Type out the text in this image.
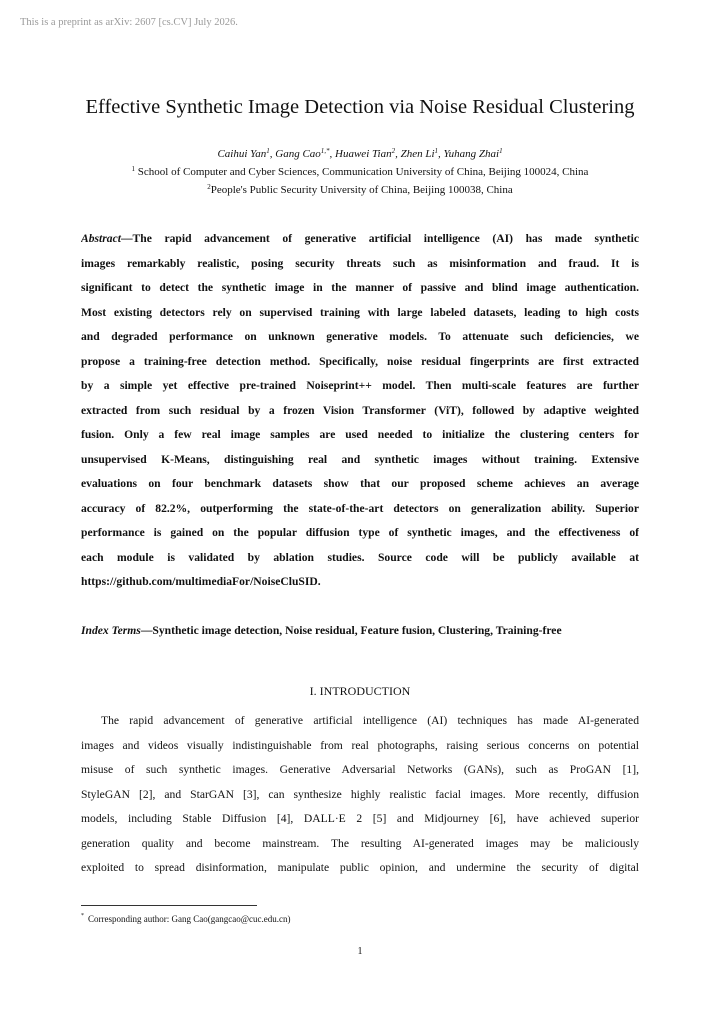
This is a preprint as arXiv: 2607 [cs.CV] July 2026.
Effective Synthetic Image Detection via Noise Residual Clustering
Caihui Yan$^1$, Gang Cao$^{1,*}$, Huawei Tian$^2$, Zhen Li$^1$, Yuhang Zhai$^1$
$^1$ School of Computer and Cyber Sciences, Communication University of China, Beijing 100024, China
$^2$People's Public Security University of China, Beijing 100038, China
Abstract—The rapid advancement of generative artificial intelligence (AI) has made synthetic
images remarkably realistic, posing security threats such as misinformation and fraud. It is
significant to detect the synthetic image in the manner of passive and blind image authentication.
Most existing detectors rely on supervised training with large labeled datasets, leading to high costs
and degraded performance on unknown generative models. To attenuate such deficiencies, we
propose a training-free detection method. Specifically, noise residual fingerprints are first extracted
by a simple yet effective pre-trained Noiseprint++ model. Then multi-scale features are further
extracted from such residual by a frozen Vision Transformer (ViT), followed by adaptive weighted
fusion. Only a few real image samples are used needed to initialize the clustering centers for
unsupervised K-Means, distinguishing real and synthetic images without training. Extensive
evaluations on four benchmark datasets show that our proposed scheme achieves an average
accuracy of 82.2%, outperforming the state-of-the-art detectors on generalization ability. Superior
performance is gained on the popular diffusion type of synthetic images, and the effectiveness of
each module is validated by ablation studies. Source code will be publicly available at
https://github.com/multimediaFor/NoiseCluSID.
Index Terms—Synthetic image detection, Noise residual, Feature fusion, Clustering, Training-free
I. INTRODUCTION
The rapid advancement of generative artificial intelligence (AI) techniques has made AI-generated
images and videos visually indistinguishable from real photographs, raising serious concerns on potential
misuse of such synthetic images. Generative Adversarial Networks (GANs), such as ProGAN [1],
StyleGAN [2], and StarGAN [3], can synthesize highly realistic facial images. More recently, diffusion
models, including Stable Diffusion [4], DALL·E 2 [5] and Midjourney [6], have achieved superior
generation quality and become mainstream. The resulting AI-generated images may be maliciously
exploited to spread disinformation, manipulate public opinion, and undermine the security of digital
* Corresponding author: Gang Cao(gangcao@cuc.edu.cn)
1
